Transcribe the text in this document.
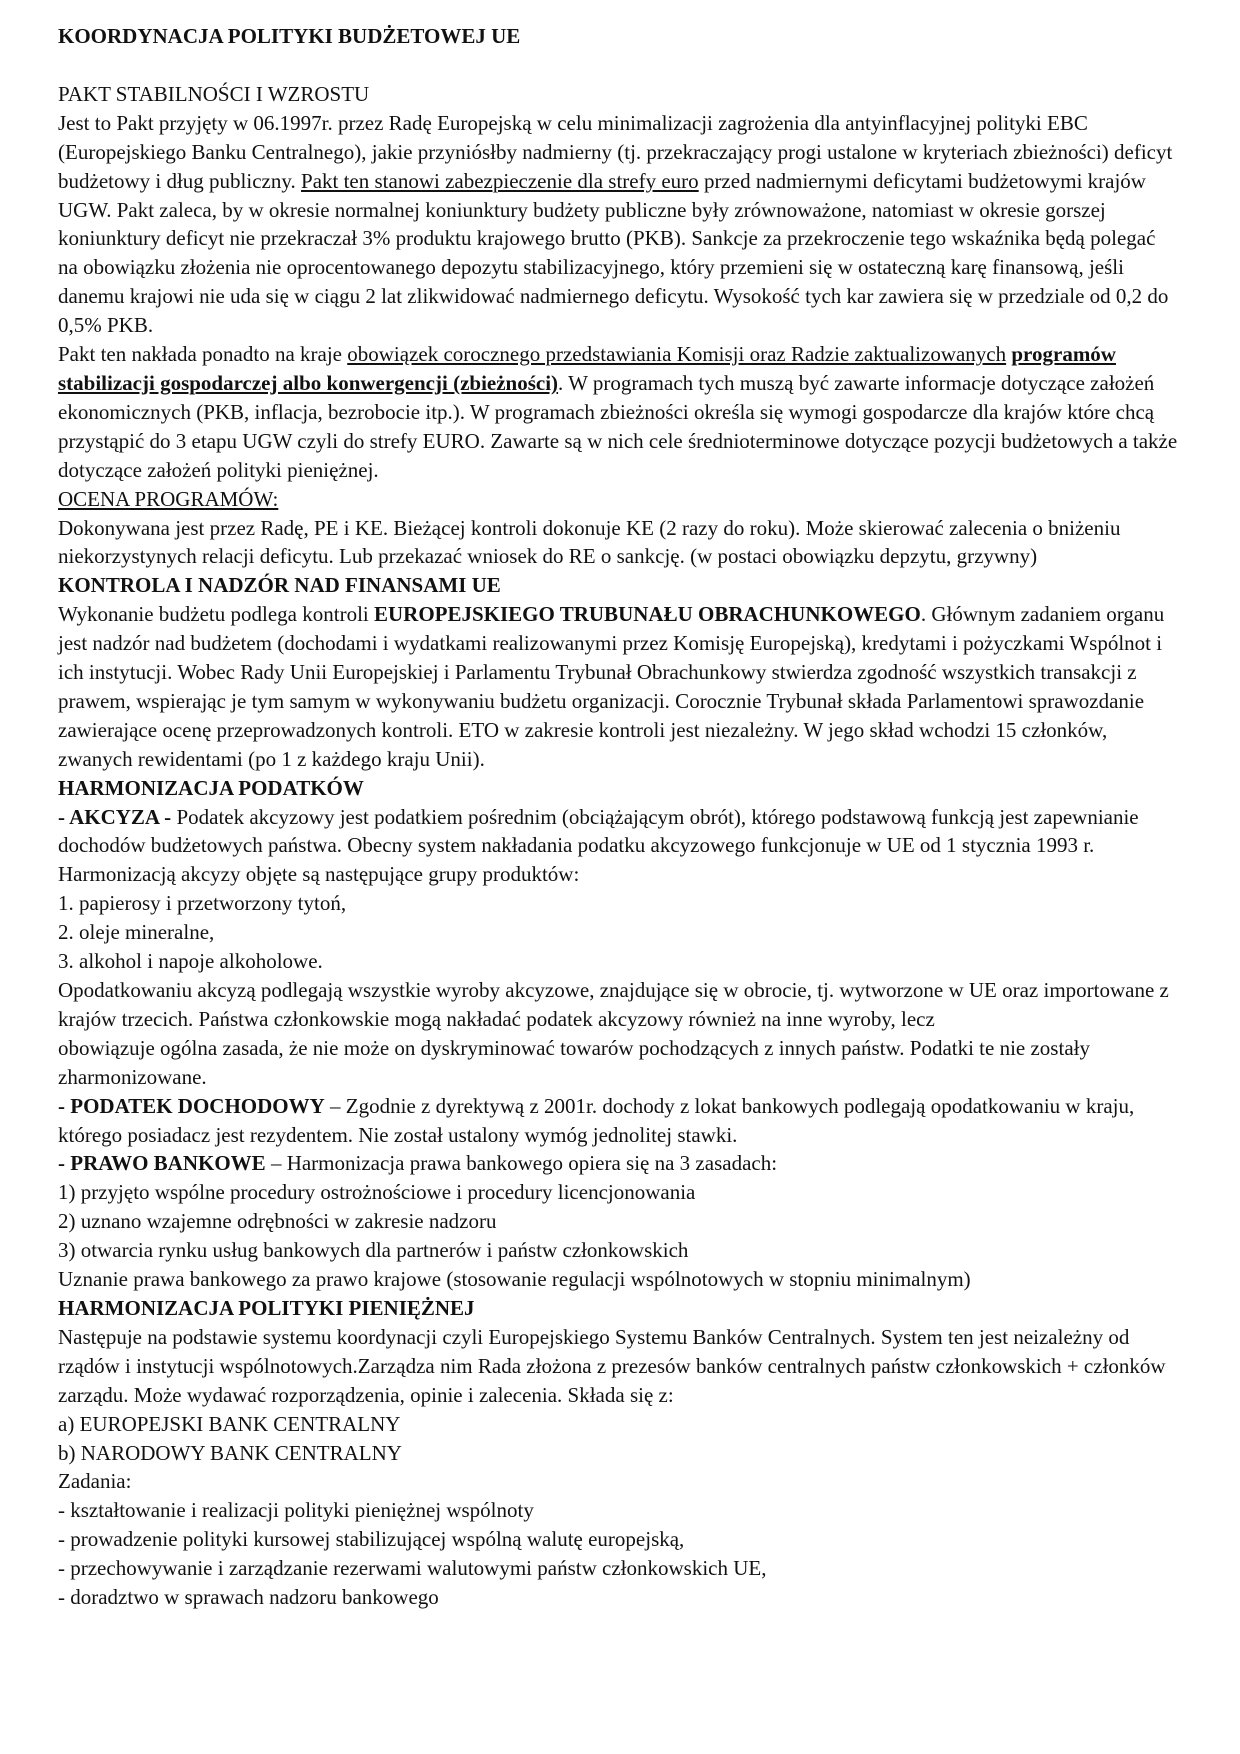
KOORDYNACJA POLITYKI BUDŻETOWEJ UE

PAKT STABILNOŚCI I WZROSTU

Jest to Pakt przyjęty w 06.1997r. przez Radę Europejską w celu minimalizacji zagrożenia dla antyinflacyjnej polityki EBC (Europejskiego Banku Centralnego), jakie przyniósłby nadmierny (tj. przekraczający progi ustalone w kryteriach zbieżności) deficyt budżetowy i dług publiczny. Pakt ten stanowi zabezpieczenie dla strefy euro przed nadmiernymi deficytami budżetowymi krajów UGW. Pakt zaleca, by w okresie normalnej koniunktury budżety publiczne były zrównoważone, natomiast w okresie gorszej koniunktury deficyt nie przekraczał 3% produktu krajowego brutto (PKB). Sankcje za przekroczenie tego wskaźnika będą polegać na obowiązku złożenia nie oprocentowanego depozytu stabilizacyjnego, który przemieni się w ostateczną karę finansową, jeśli danemu krajowi nie uda się w ciągu 2 lat zlikwidować nadmiernego deficytu. Wysokość tych kar zawiera się w przedziale od 0,2 do 0,5% PKB.

Pakt ten nakłada ponadto na kraje obowiązek corocznego przedstawiania Komisji oraz Radzie zaktualizowanych programów stabilizacji gospodarczej albo konwergencji (zbieżności). W programach tych muszą być zawarte informacje dotyczące założeń ekonomicznych (PKB, inflacja, bezrobocie itp.). W programach zbieżności określa się wymogi gospodarcze dla krajów które chcą przystąpić do 3 etapu UGW czyli do strefy EURO. Zawarte są w nich cele średnioterminowe dotyczące pozycji budżetowych a także dotyczące założeń polityki pieniężnej.

OCENA PROGRAMÓW:

Dokonywana jest przez Radę, PE i KE. Bieżącej kontroli dokonuje KE (2 razy do roku). Może skierować zalecenia o bniżeniu niekorzystynych relacji deficytu. Lub przekazać wniosek do RE o sankcję. (w postaci obowiązku depzytu, grzywny)

KONTROLA I NADZÓR NAD FINANSAMI UE

Wykonanie budżetu podlega kontroli EUROPEJSKIEGO TRUBUNAŁU OBRACHUNKOWEGO. Głównym zadaniem organu jest nadzór nad budżetem (dochodami i wydatkami realizowanymi przez Komisję Europejską), kredytami i pożyczkami Wspólnot i ich instytucji. Wobec Rady Unii Europejskiej i Parlamentu Trybunał Obrachunkowy stwierdza zgodność wszystkich transakcji z prawem, wspierając je tym samym w wykonywaniu budżetu organizacji. Corocznie Trybunał składa Parlamentowi sprawozdanie zawierające ocenę przeprowadzonych kontroli. ETO w zakresie kontroli jest niezależny. W jego skład wchodzi 15 członków, zwanych rewidentami (po 1 z każdego kraju Unii).

HARMONIZACJA PODATKÓW

- AKCYZA - Podatek akcyzowy jest podatkiem pośrednim (obciążającym obrót), którego podstawową funkcją jest zapewnianie dochodów budżetowych państwa. Obecny system nakładania podatku akcyzowego funkcjonuje w UE od 1 stycznia 1993 r. Harmonizacją akcyzy objęte są następujące grupy produktów:

1. papierosy i przetworzony tytoń,

2. oleje mineralne,

3. alkohol i napoje alkoholowe.

Opodatkowaniu akcyzą podlegają wszystkie wyroby akcyzowe, znajdujące się w obrocie, tj. wytworzone w UE oraz importowane z krajów trzecich. Państwa członkowskie mogą nakładać podatek akcyzowy również na inne wyroby, lecz

obowiązuje ogólna zasada, że nie może on dyskryminować towarów pochodzących z innych państw. Podatki te nie zostały zharmonizowane.

- PODATEK DOCHODOWY – Zgodnie z dyrektywą z 2001r. dochody z lokat bankowych podlegają opodatkowaniu w kraju, którego posiadacz jest rezydentem. Nie został ustalony wymóg jednolitej stawki.

- PRAWO BANKOWE – Harmonizacja prawa bankowego opiera się na 3 zasadach:

1) przyjęto wspólne procedury ostrożnościowe i procedury licencjonowania

2) uznano wzajemne odrębności w zakresie nadzoru

3) otwarcia rynku usług bankowych dla partnerów i państw członkowskich

Uznanie prawa bankowego za prawo krajowe (stosowanie regulacji wspólnotowych w stopniu minimalnym)

HARMONIZACJA POLITYKI PIENIĘŻNEJ

Następuje na podstawie systemu koordynacji czyli Europejskiego Systemu Banków Centralnych. System ten jest neizależny od rządów i instytucji wspólnotowych.Zarządza nim Rada złożona z prezesów banków centralnych państw członkowskich + członków zarządu. Może wydawać rozporządzenia, opinie i zalecenia. Składa się z:

a) EUROPEJSKI BANK CENTRALNY

b) NARODOWY BANK CENTRALNY

Zadania:

- kształtowanie i realizacji polityki pieniężnej wspólnoty

- prowadzenie polityki kursowej stabilizującej wspólną walutę europejską,

- przechowywanie i zarządzanie rezerwami walutowymi państw członkowskich UE,

- doradztwo w sprawach nadzoru bankowego
